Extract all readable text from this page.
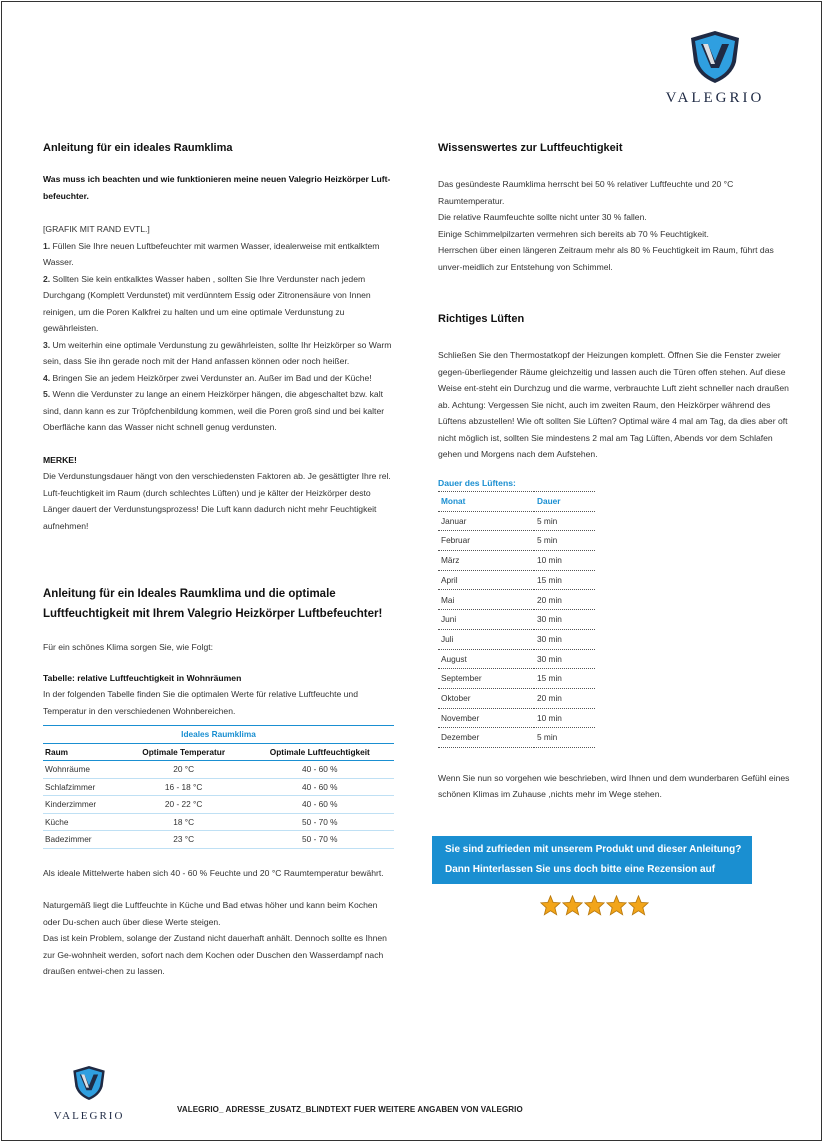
VALEGRIO
Anleitung für ein ideales Raumklima

Was muss ich beachten und wie funktionieren meine neuen Valegrio Heizkörper Luft-befeuchter.

[GRAFIK MIT RAND EVTL.]

1. Füllen Sie Ihre neuen Luftbefeuchter mit warmen Wasser, idealerweise mit entkalktem Wasser.

2. Sollten Sie kein entkalktes Wasser haben , sollten Sie Ihre Verdunster nach jedem Durchgang (Komplett Verdunstet) mit verdünntem Essig oder Zitronensäure von Innen reinigen, um die Poren Kalkfrei zu halten und um eine optimale Verdunstung zu gewährleisten.

3. Um weiterhin eine optimale Verdunstung zu gewährleisten, sollte Ihr Heizkörper so Warm sein, dass Sie ihn gerade noch mit der Hand anfassen können oder noch heißer.

4. Bringen Sie an jedem Heizkörper zwei Verdunster an. Außer im Bad und der Küche!

5. Wenn die Verdunster zu lange an einem Heizkörper hängen, die abgeschaltet bzw. kalt sind, dann kann es zur Tröpfchenbildung kommen, weil die Poren groß sind und bei kalter Oberfläche kann das Wasser nicht schnell genug verdunsten.

MERKE!

Die Verdunstungsdauer hängt von den verschiedensten Faktoren ab. Je gesättigter Ihre rel. Luft-feuchtigkeit im Raum (durch schlechtes Lüften) und je kälter der Heizkörper desto Länger dauert der Verdunstungsprozess! Die Luft kann dadurch nicht mehr Feuchtigkeit aufnehmen!

Anleitung für ein Ideales Raumklima und die optimale Luftfeuchtigkeit mit Ihrem Valegrio Heizkörper Luftbefeuchter!

Für ein schönes Klima sorgen Sie, wie Folgt:

Tabelle: relative Luftfeuchtigkeit in Wohnräumen

In der folgenden Tabelle finden Sie die optimalen Werte für relative Luftfeuchte und Temperatur in den verschiedenen Wohnbereichen.

Ideales Raumklima		
Raum	Optimale Temperatur	Optimale Luftfeuchtigkeit
Wohnräume	20 °C	40 - 60 %
Schlafzimmer	16 - 18 °C	40 - 60 %
Kinderzimmer	20 - 22 °C	40 - 60 %
Küche	18 °C	50 - 70 %
Badezimmer	23 °C	50 - 70 %

Als ideale Mittelwerte haben sich 40 - 60 % Feuchte und 20 °C Raumtemperatur bewährt.

Naturgemäß liegt die Luftfeuchte in Küche und Bad etwas höher und kann beim Kochen oder Du-schen auch über diese Werte steigen.

Das ist kein Problem, solange der Zustand nicht dauerhaft anhält. Dennoch sollte es Ihnen zur Ge-wohnheit werden, sofort nach dem Kochen oder Duschen den Wasserdampf nach draußen entwei-chen zu lassen.

Wissenswertes zur Luftfeuchtigkeit

Das gesündeste Raumklima herrscht bei 50 % relativer Luftfeuchte und 20 °C Raumtemperatur.

Die relative Raumfeuchte sollte nicht unter 30 % fallen.

Einige Schimmelpilzarten vermehren sich bereits ab 70 % Feuchtigkeit.

Herrschen über einen längeren Zeitraum mehr als 80 % Feuchtigkeit im Raum, führt das unver-meidlich zur Entstehung von Schimmel.

Richtiges Lüften

Schließen Sie den Thermostatkopf der Heizungen komplett. Öffnen Sie die Fenster zweier gegen-überliegender Räume gleichzeitig und lassen auch die Türen offen stehen. Auf diese Weise ent-steht ein Durchzug und die warme, verbrauchte Luft zieht schneller nach draußen ab. Achtung: Vergessen Sie nicht, auch im zweiten Raum, den Heizkörper während des Lüftens abzustellen! Wie oft sollten Sie Lüften? Optimal wäre 4 mal am Tag, da dies aber oft nicht möglich ist, sollten Sie mindestens 2 mal am Tag Lüften, Abends vor dem Schlafen gehen und Morgens nach dem Aufstehen.

Dauer des Lüftens:

Monat	Dauer
Januar	5 min
Februar	5 min
März	10 min
April	15 min
Mai	20 min
Juni	30 min
Juli	30 min
August	30 min
September	15 min
Oktober	20 min
November	10 min
Dezember	5 min

Wenn Sie nun so vorgehen wie beschrieben, wird Ihnen und dem wunderbaren Gefühl eines schönen Klimas im Zuhause ,nichts mehr im Wege stehen.

Sie sind zufrieden mit unserem Produkt und dieser Anleitung?
Dann Hinterlassen Sie uns doch bitte eine Rezension auf Amazon.
VALEGRIO
VALEGRIO_ ADRESSE_ZUSATZ_BLINDTEXT FUER WEITERE ANGABEN VON VALEGRIO
